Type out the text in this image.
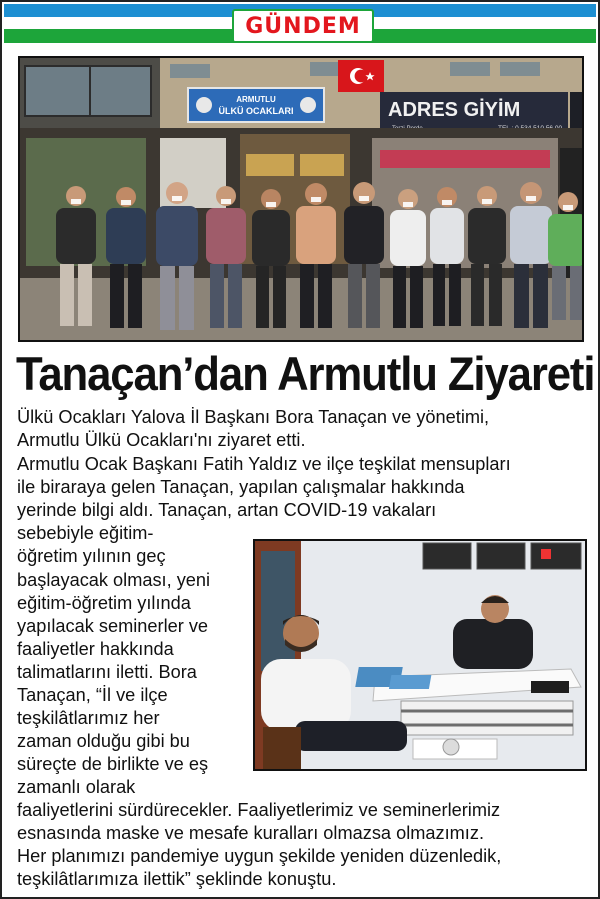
GÜNDEM
ARMUTLU
ÜLKÜ OCAKLARI	ADRES GİYİM
Tanaçan’dan Armutlu Ziyareti
Ülkü Ocakları Yalova İl Başkanı Bora Tanaçan ve yönetimi,
Armutlu Ülkü Ocakları'nı ziyaret etti.
Armutlu Ocak Başkanı Fatih Yaldız ve ilçe teşkilat mensupları
ile biraraya gelen Tanaçan, yapılan çalışmalar hakkında
yerinde bilgi aldı. Tanaçan, artan COVID-19 vakaları
sebebiyle eğitim-
öğretim yılının geç
başlayacak olması, yeni
eğitim-öğretim yılında
yapılacak seminerler ve
faaliyetler hakkında
talimatlarını iletti. Bora
Tanaçan, “İl ve ilçe
teşkilâtlarımız her
zaman olduğu gibi bu
süreçte de birlikte ve eş
zamanlı olarak
faaliyetlerini sürdürecekler. Faaliyetlerimiz ve seminerlerimiz
esnasında maske ve mesafe kuralları olmazsa olmazımız.
Her planımızı pandemiye uygun şekilde yeniden düzenledik,
teşkilâtlarımıza ilettik” şeklinde konuştu.
